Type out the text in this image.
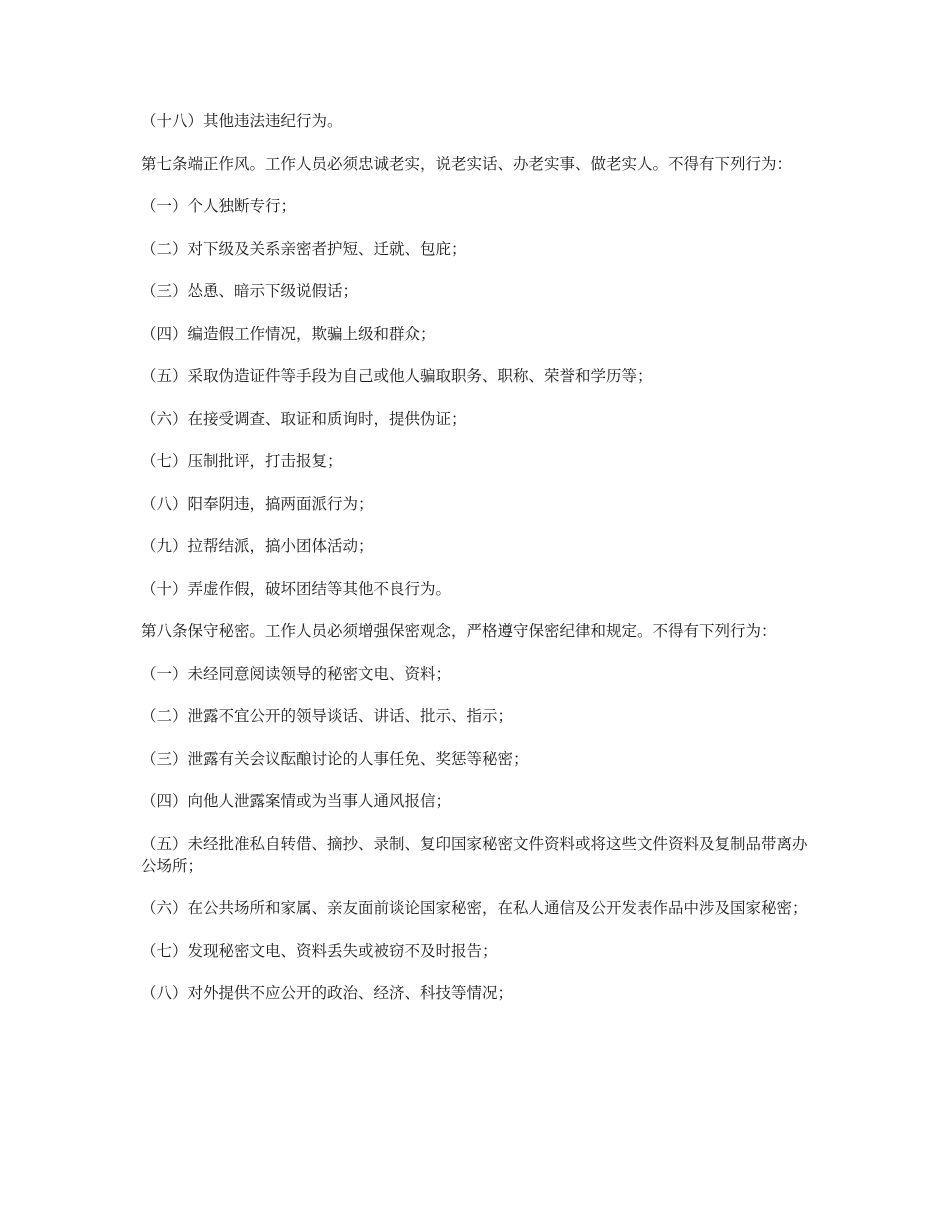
（十八）其他违法违纪行为。

第七条端正作风。工作人员必须忠诚老实，说老实话、办老实事、做老实人。不得有下列行为：

（一）个人独断专行；

（二）对下级及关系亲密者护短、迁就、包庇；

（三）怂恿、暗示下级说假话；

（四）编造假工作情况，欺骗上级和群众；

（五）采取伪造证件等手段为自己或他人骗取职务、职称、荣誉和学历等；

（六）在接受调查、取证和质询时，提供伪证；

（七）压制批评，打击报复；

（八）阳奉阴违，搞两面派行为；

（九）拉帮结派，搞小团体活动；

（十）弄虚作假，破坏团结等其他不良行为。

第八条保守秘密。工作人员必须增强保密观念，严格遵守保密纪律和规定。不得有下列行为：

（一）未经同意阅读领导的秘密文电、资料；

（二）泄露不宜公开的领导谈话、讲话、批示、指示；

（三）泄露有关会议酝酿讨论的人事任免、奖惩等秘密；

（四）向他人泄露案情或为当事人通风报信；

（五）未经批准私自转借、摘抄、录制、复印国家秘密文件资料或将这些文件资料及复制品带离办公场所；

（六）在公共场所和家属、亲友面前谈论国家秘密，在私人通信及公开发表作品中涉及国家秘密；

（七）发现秘密文电、资料丢失或被窃不及时报告；

（八）对外提供不应公开的政治、经济、科技等情况；
